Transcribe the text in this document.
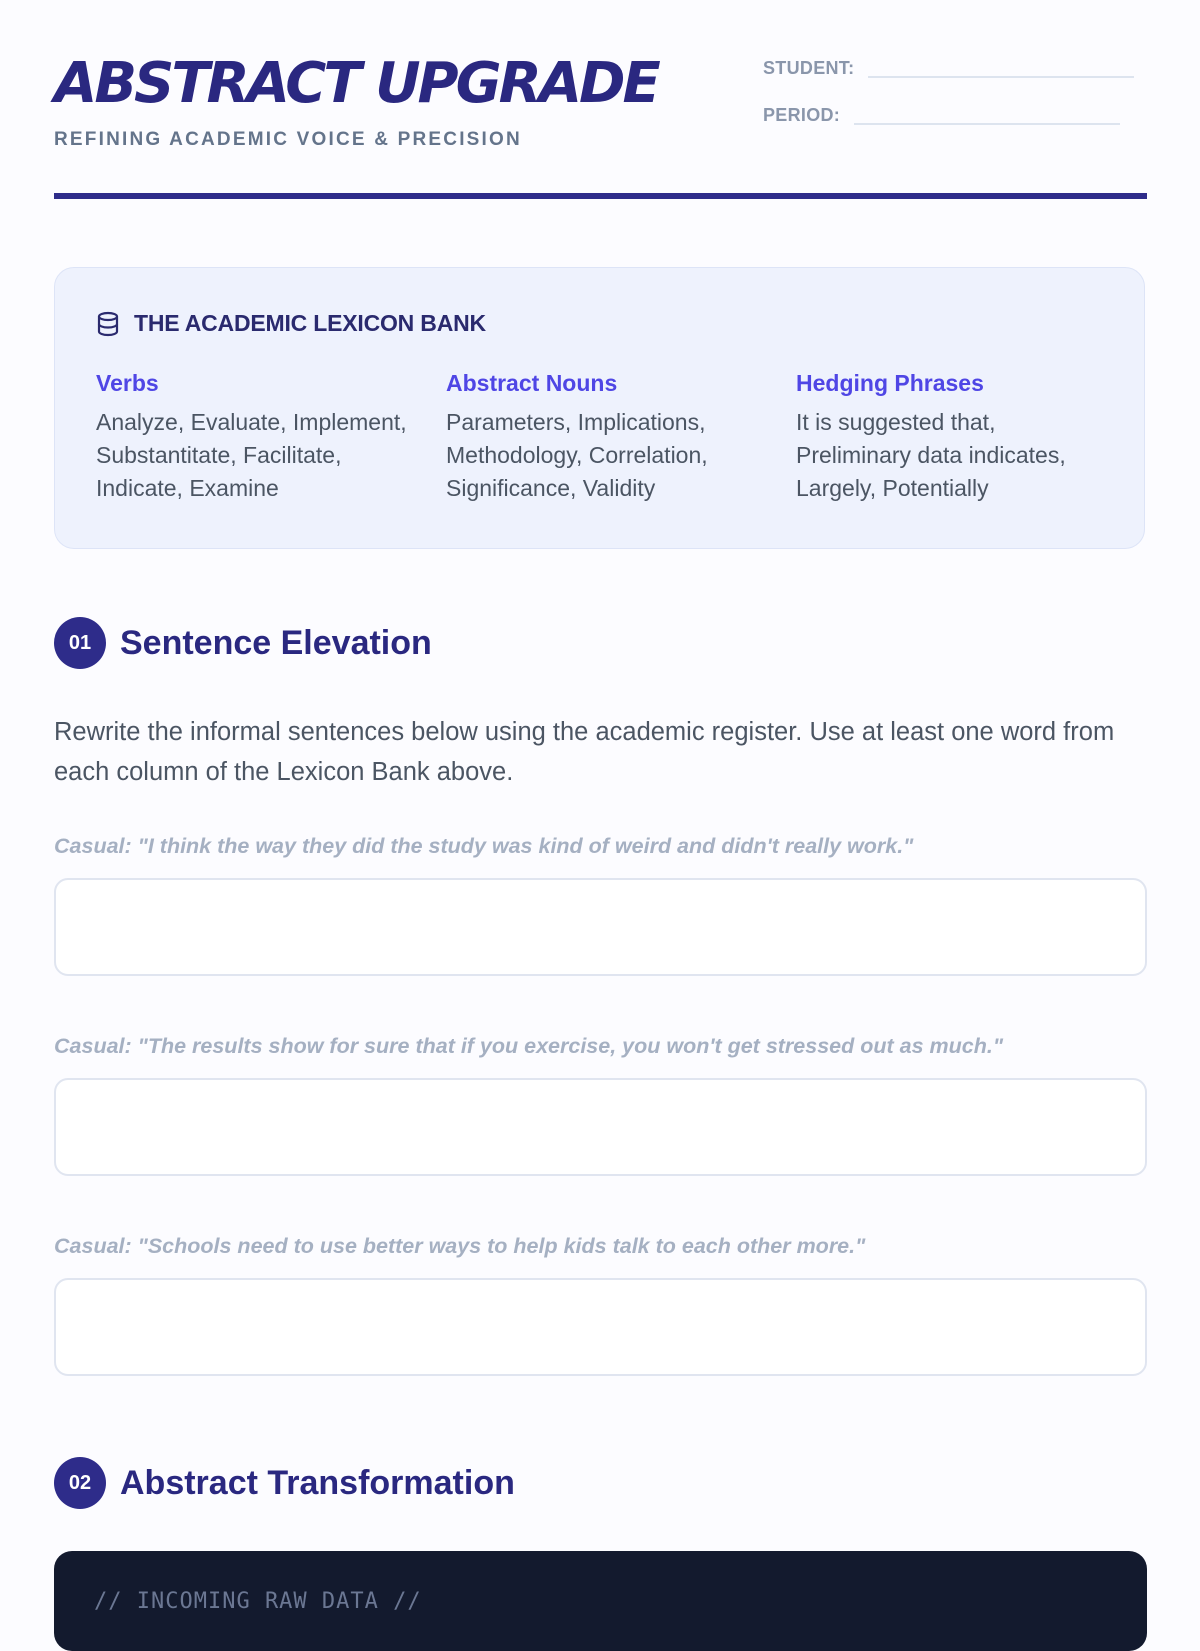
ABSTRACT UPGRADE
REFINING ACADEMIC VOICE & PRECISION
STUDENT:
PERIOD:
THE ACADEMIC LEXICON BANK
Verbs
Analyze, Evaluate, Implement, Substantitate, Facilitate, Indicate, Examine
Abstract Nouns
Parameters, Implications, Methodology, Correlation, Significance, Validity
Hedging Phrases
It is suggested that, Preliminary data indicates, Largely, Potentially
01 Sentence Elevation
Rewrite the informal sentences below using the academic register. Use at least one word from each column of the Lexicon Bank above.
Casual: "I think the way they did the study was kind of weird and didn't really work."
Casual: "The results show for sure that if you exercise, you won't get stressed out as much."
Casual: "Schools need to use better ways to help kids talk to each other more."
02 Abstract Transformation
// INCOMING RAW DATA //
